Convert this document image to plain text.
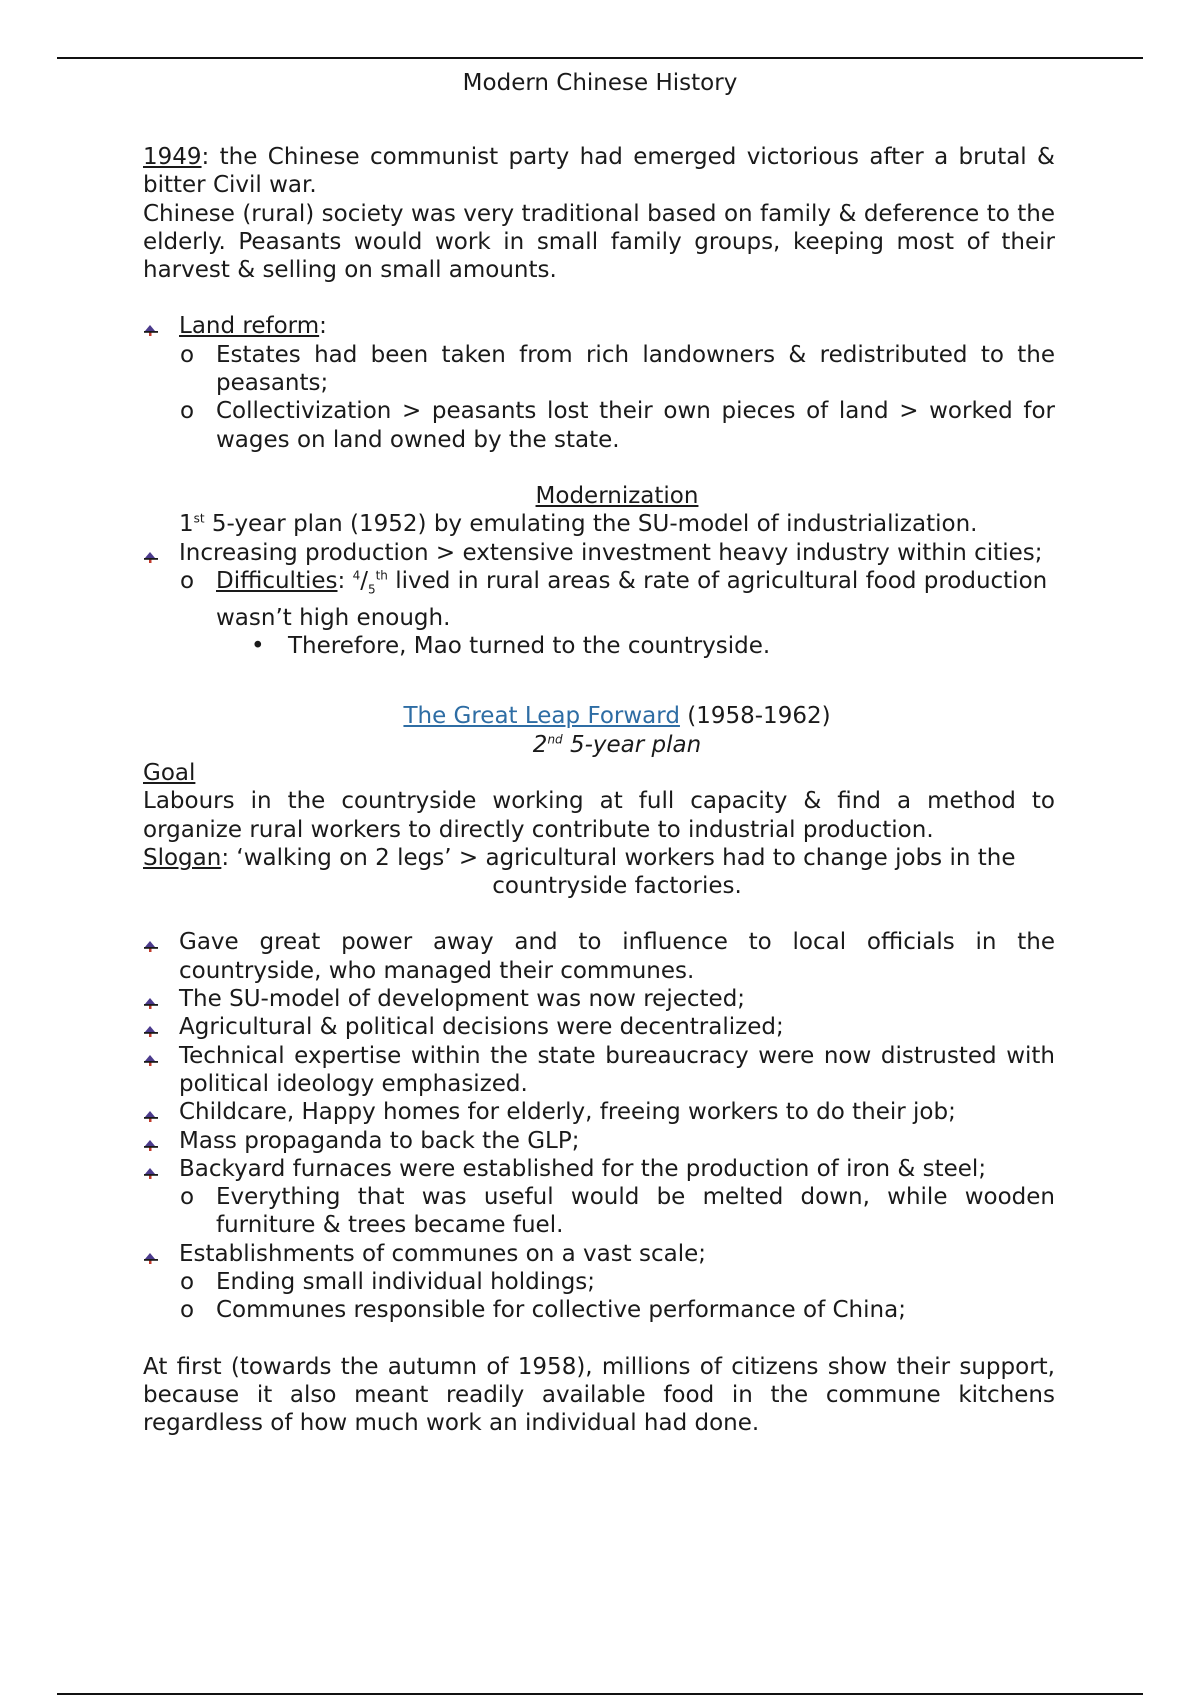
Modern Chinese History
1949: the Chinese communist party had emerged victorious after a brutal & bitter Civil war.
Chinese (rural) society was very traditional based on family & deference to the elderly. Peasants would work in small family groups, keeping most of their harvest & selling on small amounts.
Land reform:
o Estates had been taken from rich landowners & redistributed to the peasants;
o Collectivization > peasants lost their own pieces of land > worked for wages on land owned by the state.
Modernization
1st 5-year plan (1952) by emulating the SU-model of industrialization.
Increasing production > extensive investment heavy industry within cities;
o Difficulties: $^4/_5^{th}$ lived in rural areas & rate of agricultural food production wasn’t high enough.
• Therefore, Mao turned to the countryside.
The Great Leap Forward (1958-1962)
2nd 5-year plan
Goal
Labours in the countryside working at full capacity & find a method to organize rural workers to directly contribute to industrial production.
Slogan: ‘walking on 2 legs’ > agricultural workers had to change jobs in the
countryside factories.
Gave great power away and to influence to local officials in the countryside, who managed their communes.
The SU-model of development was now rejected;
Agricultural & political decisions were decentralized;
Technical expertise within the state bureaucracy were now distrusted with political ideology emphasized.
Childcare, Happy homes for elderly, freeing workers to do their job;
Mass propaganda to back the GLP;
Backyard furnaces were established for the production of iron & steel;
o Everything that was useful would be melted down, while wooden furniture & trees became fuel.
Establishments of communes on a vast scale;
o Ending small individual holdings;
o Communes responsible for collective performance of China;
At first (towards the autumn of 1958), millions of citizens show their support, because it also meant readily available food in the commune kitchens regardless of how much work an individual had done.
